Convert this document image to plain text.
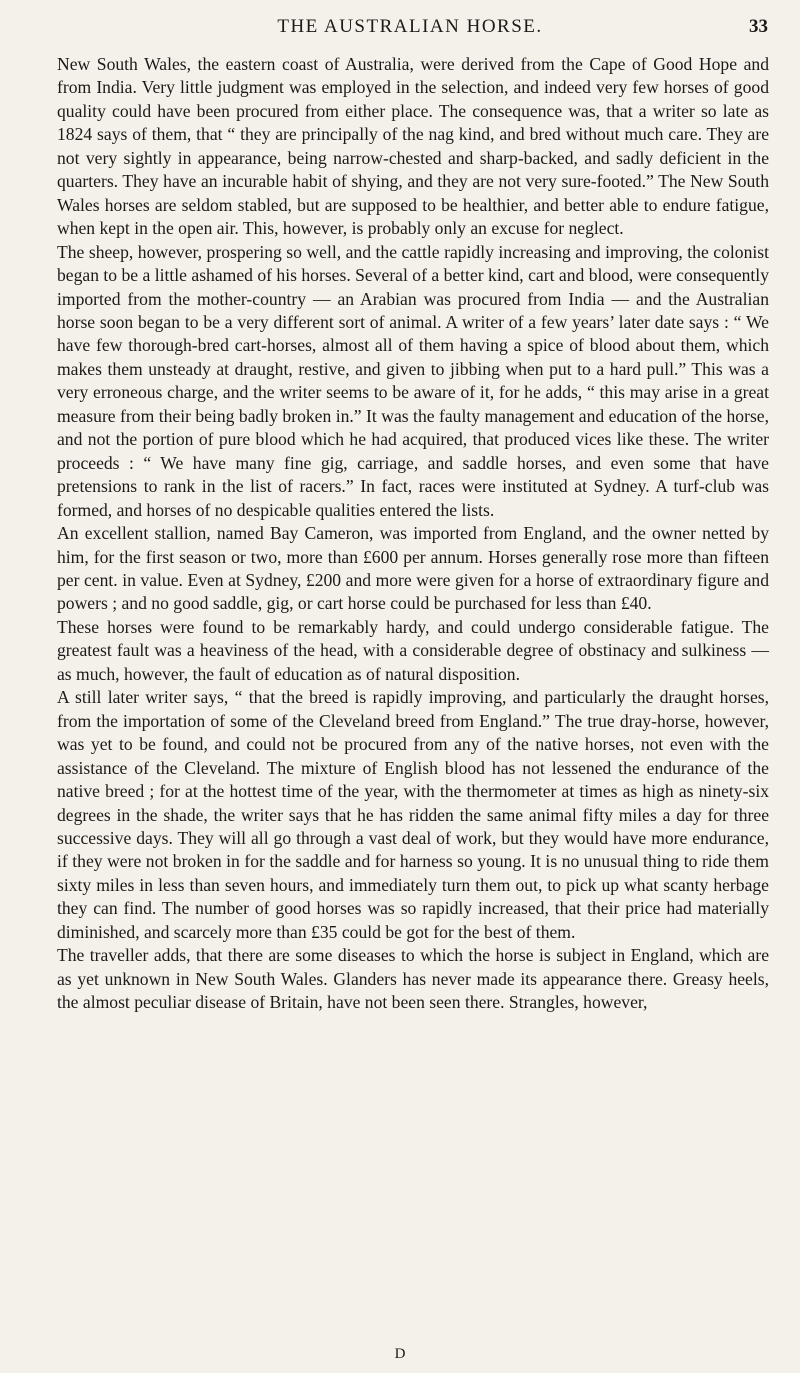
THE AUSTRALIAN HORSE.	33

New South Wales, the eastern coast of Australia, were derived from the Cape of Good Hope and from India. Very little judgment was employed in the selection, and indeed very few horses of good quality could have been procured from either place. The consequence was, that a writer so late as 1824 says of them, that “ they are principally of the nag kind, and bred without much care. They are not very sightly in appearance, being narrow-chested and sharp-backed, and sadly deficient in the quarters. They have an incurable habit of shying, and they are not very sure-footed.” The New South Wales horses are seldom stabled, but are supposed to be healthier, and better able to endure fatigue, when kept in the open air. This, however, is probably only an excuse for neglect.

The sheep, however, prospering so well, and the cattle rapidly increasing and improving, the colonist began to be a little ashamed of his horses. Several of a better kind, cart and blood, were consequently imported from the mother-country — an Arabian was procured from India — and the Australian horse soon began to be a very different sort of animal. A writer of a few years’ later date says : “ We have few thorough-bred cart-horses, almost all of them having a spice of blood about them, which makes them unsteady at draught, restive, and given to jibbing when put to a hard pull.” This was a very erroneous charge, and the writer seems to be aware of it, for he adds, “ this may arise in a great measure from their being badly broken in.” It was the faulty management and education of the horse, and not the portion of pure blood which he had acquired, that produced vices like these. The writer proceeds : “ We have many fine gig, carriage, and saddle horses, and even some that have pretensions to rank in the list of racers.” In fact, races were instituted at Sydney. A turf-club was formed, and horses of no despicable qualities entered the lists.

An excellent stallion, named Bay Cameron, was imported from England, and the owner netted by him, for the first season or two, more than £600 per annum. Horses generally rose more than fifteen per cent. in value. Even at Sydney, £200 and more were given for a horse of extraordinary figure and powers ; and no good saddle, gig, or cart horse could be purchased for less than £40.

These horses were found to be remarkably hardy, and could undergo considerable fatigue. The greatest fault was a heaviness of the head, with a considerable degree of obstinacy and sulkiness — as much, however, the fault of education as of natural disposition.

A still later writer says, “ that the breed is rapidly improving, and particularly the draught horses, from the importation of some of the Cleveland breed from England.” The true dray-horse, however, was yet to be found, and could not be procured from any of the native horses, not even with the assistance of the Cleveland. The mixture of English blood has not lessened the endurance of the native breed ; for at the hottest time of the year, with the thermometer at times as high as ninety-six degrees in the shade, the writer says that he has ridden the same animal fifty miles a day for three successive days. They will all go through a vast deal of work, but they would have more endurance, if they were not broken in for the saddle and for harness so young. It is no unusual thing to ride them sixty miles in less than seven hours, and immediately turn them out, to pick up what scanty herbage they can find. The number of good horses was so rapidly increased, that their price had materially diminished, and scarcely more than £35 could be got for the best of them.

The traveller adds, that there are some diseases to which the horse is subject in England, which are as yet unknown in New South Wales. Glanders has never made its appearance there. Greasy heels, the almost peculiar disease of Britain, have not been seen there. Strangles, however,

D
